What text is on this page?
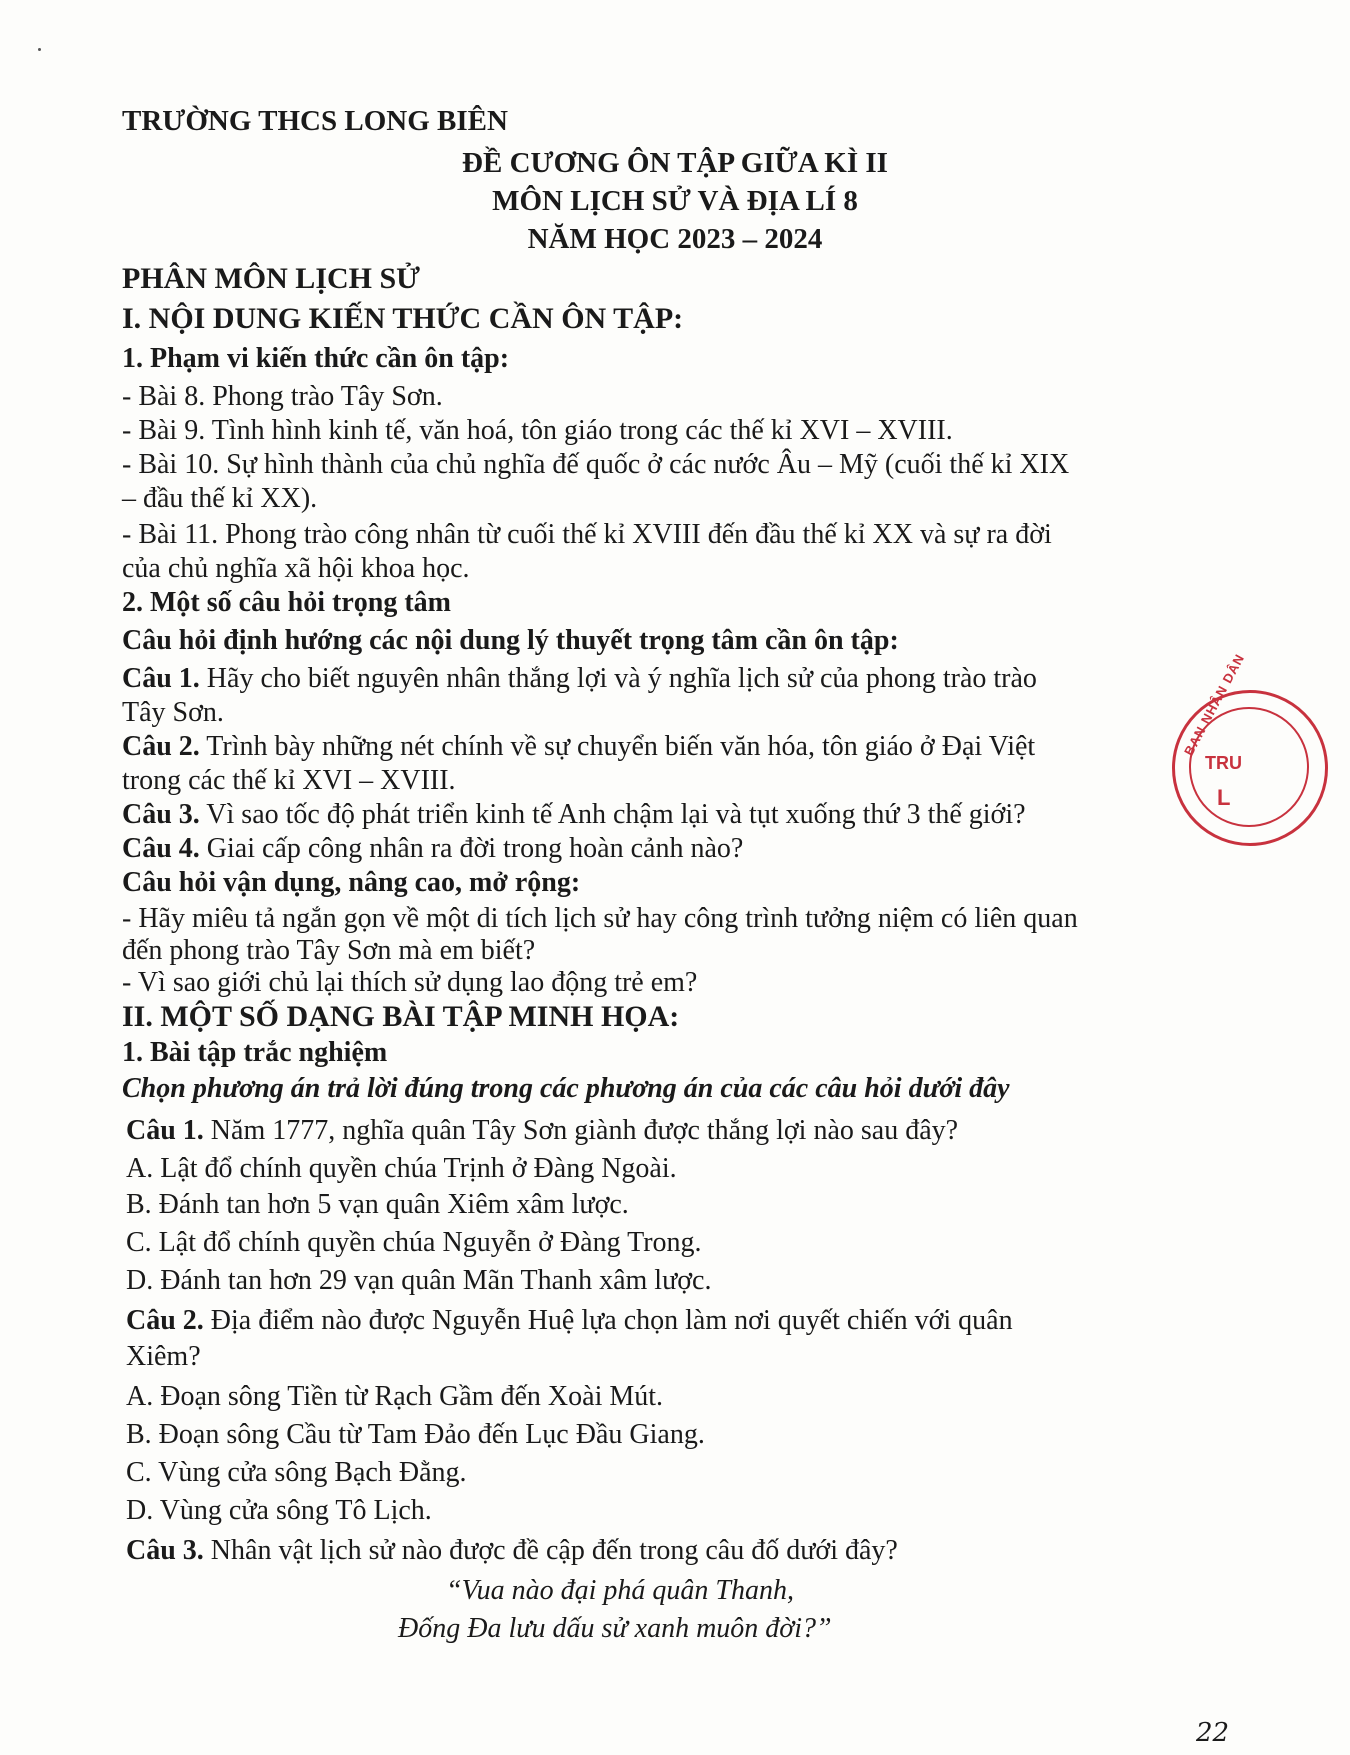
TRƯỜNG THCS LONG BIÊN
ĐỀ CƯƠNG ÔN TẬP GIỮA KÌ II
MÔN LỊCH SỬ VÀ ĐỊA LÍ 8
NĂM HỌC 2023 – 2024
PHÂN MÔN LỊCH SỬ
I. NỘI DUNG KIẾN THỨC CẦN ÔN TẬP:
1. Phạm vi kiến thức cần ôn tập:
- Bài 8. Phong trào Tây Sơn.
- Bài 9. Tình hình kinh tế, văn hoá, tôn giáo trong các thế kỉ XVI – XVIII.
- Bài 10. Sự hình thành của chủ nghĩa đế quốc ở các nước Âu – Mỹ (cuối thế kỉ XIX
– đầu thế kỉ XX).
- Bài 11. Phong trào công nhân từ cuối thế kỉ XVIII đến đầu thế kỉ XX và sự ra đời
của chủ nghĩa xã hội khoa học.
2. Một số câu hỏi trọng tâm
Câu hỏi định hướng các nội dung lý thuyết trọng tâm cần ôn tập:
Câu 1. Hãy cho biết nguyên nhân thắng lợi và ý nghĩa lịch sử của phong trào trào
Tây Sơn.
Câu 2. Trình bày những nét chính về sự chuyển biến văn hóa, tôn giáo ở Đại Việt
trong các thế kỉ XVI – XVIII.
Câu 3. Vì sao tốc độ phát triển kinh tế Anh chậm lại và tụt xuống thứ 3 thế giới?
Câu 4. Giai cấp công nhân ra đời trong hoàn cảnh nào?
Câu hỏi vận dụng, nâng cao, mở rộng:
- Hãy miêu tả ngắn gọn về một di tích lịch sử hay công trình tưởng niệm có liên quan
đến phong trào Tây Sơn mà em biết?
- Vì sao giới chủ lại thích sử dụng lao động trẻ em?
II. MỘT SỐ DẠNG BÀI TẬP MINH HỌA:
1. Bài tập trắc nghiệm
Chọn phương án trả lời đúng trong các phương án của các câu hỏi dưới đây
Câu 1. Năm 1777, nghĩa quân Tây Sơn giành được thắng lợi nào sau đây?
A. Lật đổ chính quyền chúa Trịnh ở Đàng Ngoài.
B. Đánh tan hơn 5 vạn quân Xiêm xâm lược.
C. Lật đổ chính quyền chúa Nguyễn ở Đàng Trong.
D. Đánh tan hơn 29 vạn quân Mãn Thanh xâm lược.
Câu 2. Địa điểm nào được Nguyễn Huệ lựa chọn làm nơi quyết chiến với quân
Xiêm?
A. Đoạn sông Tiền từ Rạch Gầm đến Xoài Mút.
B. Đoạn sông Cầu từ Tam Đảo đến Lục Đầu Giang.
C. Vùng cửa sông Bạch Đằng.
D. Vùng cửa sông Tô Lịch.
Câu 3. Nhân vật lịch sử nào được đề cập đến trong câu đố dưới đây?
“Vua nào đại phá quân Thanh,
Đống Đa lưu dấu sử xanh muôn đời?”
BAN NHÂN DÂN
TRU
L
22
